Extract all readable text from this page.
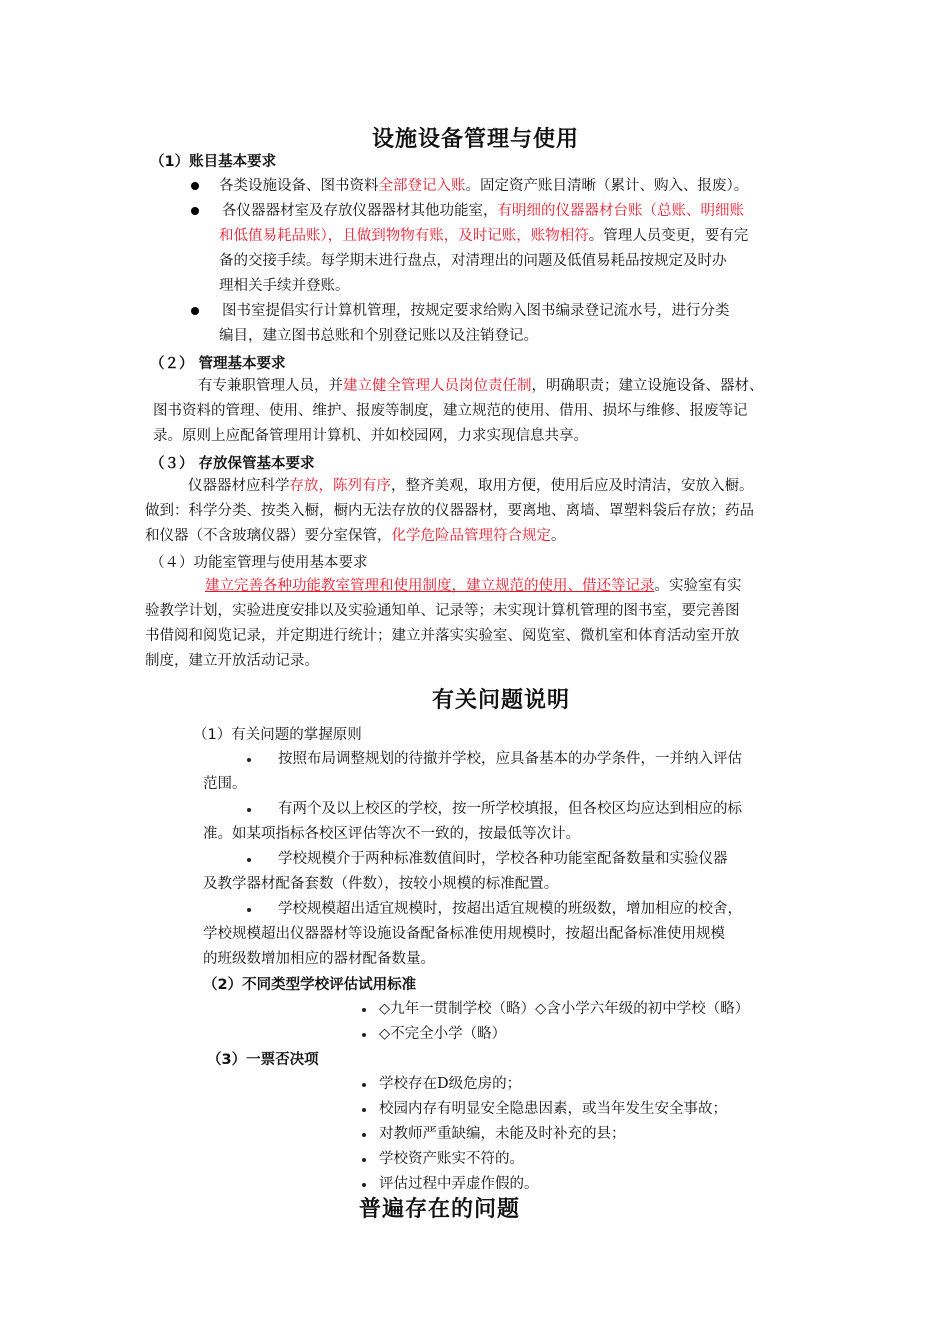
设施设备管理与使用
（1）账目基本要求
各类设施设备、图书资料全部登记入账。固定资产账目清晰（累计、购入、报废）。
各仪器器材室及存放仪器器材其他功能室，有明细的仪器器材台账（总账、明细账
和低值易耗品账），且做到物物有账，及时记账，账物相符。管理人员变更，要有完
备的交接手续。每学期末进行盘点，对清理出的问题及低值易耗品按规定及时办
理相关手续并登账。
图书室提倡实行计算机管理，按规定要求给购入图书编录登记流水号，进行分类
编目，建立图书总账和个别登记账以及注销登记。
（２） 管理基本要求
有专兼职管理人员，并建立健全管理人员岗位责任制，明确职责；建立设施设备、器材、
图书资料的管理、使用、维护、报废等制度，建立规范的使用、借用、损坏与维修、报废等记
录。原则上应配备管理用计算机、并如校园网，力求实现信息共享。
（３） 存放保管基本要求
仪器器材应科学存放，陈列有序，整齐美观，取用方便，使用后应及时清洁，安放入橱。
做到：科学分类、按类入橱，橱内无法存放的仪器器材，要离地、离墙、罩塑料袋后存放；药品
和仪器（不含玻璃仪器）要分室保管，化学危险品管理符合规定。
（４）功能室管理与使用基本要求
建立完善各种功能教室管理和使用制度，建立规范的使用、借还等记录。实验室有实
验教学计划，实验进度安排以及实验通知单、记录等；未实现计算机管理的图书室，要完善图
书借阅和阅览记录，并定期进行统计；建立并落实实验室、阅览室、微机室和体育活动室开放
制度，建立开放活动记录。
有关问题说明
（1）有关问题的掌握原则
按照布局调整规划的待撤并学校，应具备基本的办学条件，一并纳入评估
范围。
有两个及以上校区的学校，按一所学校填报，但各校区均应达到相应的标
准。如某项指标各校区评估等次不一致的，按最低等次计。
学校规模介于两种标准数值间时，学校各种功能室配备数量和实验仪器
及教学器材配备套数（件数），按较小规模的标准配置。
学校规模超出适宜规模时，按超出适宜规模的班级数，增加相应的校舍，
学校规模超出仪器器材等设施设备配备标准使用规模时，按超出配备标准使用规模
的班级数增加相应的器材配备数量。
（2）不同类型学校评估试用标准
◇九年一贯制学校（略）◇含小学六年级的初中学校（略）
◇不完全小学（略）
（3）一票否决项
学校存在D级危房的；
校园内存有明显安全隐患因素，或当年发生安全事故；
对教师严重缺编，未能及时补充的县；
学校资产账实不符的。
评估过程中弄虚作假的。
普遍存在的问题
